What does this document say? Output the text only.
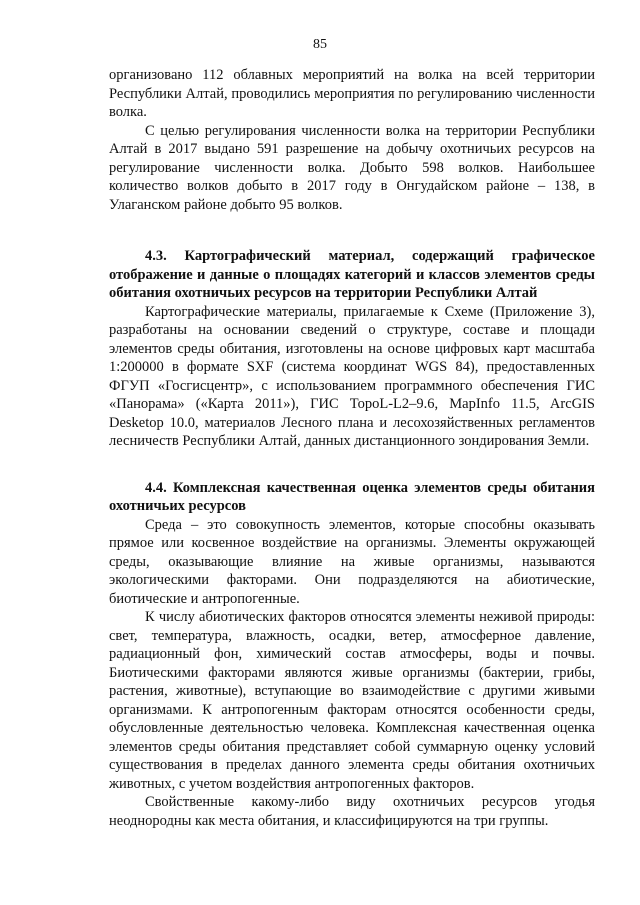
85

организовано 112 облавных мероприятий на волка на всей территории Республики Алтай, проводились мероприятия по регулированию численности волка.

С целью регулирования численности волка на территории Республики Алтай в 2017 выдано 591 разрешение на добычу охотничьих ресурсов на регулирование численности волка. Добыто 598 волков. Наибольшее количество волков добыто в 2017 году в Онгудайском районе – 138, в Улаганском районе добыто 95 волков.

4.3. Картографический материал, содержащий графическое отображение и данные о площадях категорий и классов элементов среды обитания охотничьих ресурсов на территории Республики Алтай

Картографические материалы, прилагаемые к Схеме (Приложение 3), разработаны на основании сведений о структуре, составе и площади элементов среды обитания, изготовлены на основе цифровых карт масштаба 1:200000 в формате SXF (система координат WGS 84), предоставленных ФГУП «Госгисцентр», с использованием программного обеспечения ГИС «Панорама» («Карта 2011»), ГИС TopoL-L2–9.6, MapInfo 11.5, ArcGIS Desketop 10.0, материалов Лесного плана и лесохозяйственных регламентов лесничеств Республики Алтай, данных дистанционного зондирования Земли.

4.4. Комплексная качественная оценка элементов среды обитания охотничьих ресурсов

Среда – это совокупность элементов, которые способны оказывать прямое или косвенное воздействие на организмы. Элементы окружающей среды, оказывающие влияние на живые организмы, называются экологическими факторами. Они подразделяются на абиотические, биотические и антропогенные.

К числу абиотических факторов относятся элементы неживой природы: свет, температура, влажность, осадки, ветер, атмосферное давление, радиационный фон, химический состав атмосферы, воды и почвы. Биотическими факторами являются живые организмы (бактерии, грибы, растения, животные), вступающие во взаимодействие с другими живыми организмами. К антропогенным факторам относятся особенности среды, обусловленные деятельностью человека. Комплексная качественная оценка элементов среды обитания представляет собой суммарную оценку условий существования в пределах данного элемента среды обитания охотничьих животных, с учетом воздействия антропогенных факторов.

Свойственные какому-либо виду охотничьих ресурсов угодья неоднородны как места обитания, и классифицируются на три группы.
